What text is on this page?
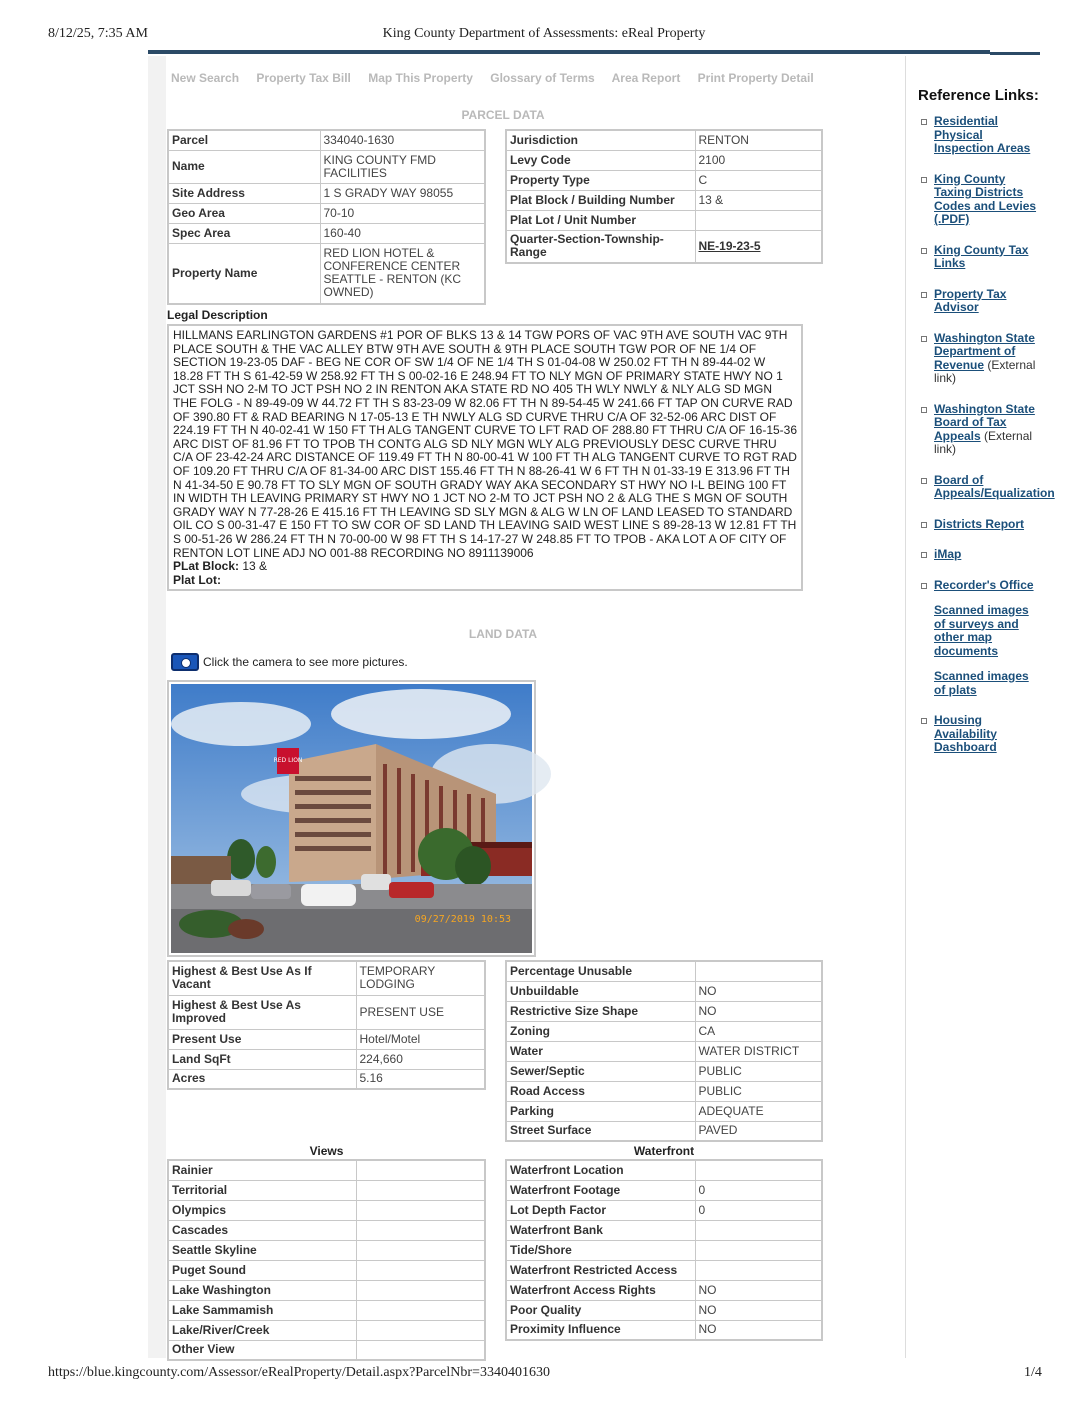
8/12/25, 7:35 AM	King County Department of Assessments: eReal Property
New Search Property Tax Bill Map This Property Glossary of Terms Area Report Print Property Detail
PARCEL DATA
Parcel	334040-1630
Name	KING COUNTY FMD FACILITIES
Site Address	1 S GRADY WAY 98055
Geo Area	70-10
Spec Area	160-40
Property Name	RED LION HOTEL & CONFERENCE CENTER SEATTLE - RENTON (KC OWNED)
Jurisdiction	RENTON
Levy Code	2100
Property Type	C
Plat Block / Building Number	13 &
Plat Lot / Unit Number	
Quarter-Section-Township-Range	NE-19-23-5
Legal Description
HILLMANS EARLINGTON GARDENS #1 POR OF BLKS 13 & 14 TGW PORS OF VAC 9TH AVE SOUTH VAC 9TH PLACE SOUTH & THE VAC ALLEY BTW 9TH AVE SOUTH & 9TH PLACE SOUTH TGW POR OF NE 1/4 OF SECTION 19-23-05 DAF - BEG NE COR OF SW 1/4 OF NE 1/4 TH S 01-04-08 W 250.02 FT TH N 89-44-02 W 18.28 FT TH S 61-42-59 W 258.92 FT TH S 00-02-16 E 248.94 FT TO NLY MGN OF PRIMARY STATE HWY NO 1 JCT SSH NO 2-M TO JCT PSH NO 2 IN RENTON AKA STATE RD NO 405 TH WLY NWLY & NLY ALG SD MGN THE FOLG - N 89-49-09 W 44.72 FT TH S 83-23-09 W 82.06 FT TH N 89-54-45 W 241.66 FT TAP ON CURVE RAD OF 390.80 FT & RAD BEARING N 17-05-13 E TH NWLY ALG SD CURVE THRU C/A OF 32-52-06 ARC DIST OF 224.19 FT TH N 40-02-41 W 150 FT TH ALG TANGENT CURVE TO LFT RAD OF 288.80 FT THRU C/A OF 16-15-36 ARC DIST OF 81.96 FT TO TPOB TH CONTG ALG SD NLY MGN WLY ALG PREVIOUSLY DESC CURVE THRU C/A OF 23-42-24 ARC DISTANCE OF 119.49 FT TH N 80-00-41 W 100 FT TH ALG TANGENT CURVE TO RGT RAD OF 109.20 FT THRU C/A OF 81-34-00 ARC DIST 155.46 FT TH N 88-26-41 W 6 FT TH N 01-33-19 E 313.96 FT TH N 41-34-50 E 90.78 FT TO SLY MGN OF SOUTH GRADY WAY AKA SECONDARY ST HWY NO I-L BEING 100 FT IN WIDTH TH LEAVING PRIMARY ST HWY NO 1 JCT NO 2-M TO JCT PSH NO 2 & ALG THE S MGN OF SOUTH GRADY WAY N 77-28-26 E 415.16 FT TH LEAVING SD SLY MGN & ALG W LN OF LAND LEASED TO STANDARD OIL CO S 00-31-47 E 150 FT TO SW COR OF SD LAND TH LEAVING SAID WEST LINE S 89-28-13 W 12.81 FT TH S 00-51-26 W 286.24 FT TH N 70-00-00 W 98 FT TH S 14-17-27 W 248.85 FT TO TPOB - AKA LOT A OF CITY OF RENTON LOT LINE ADJ NO 001-88 RECORDING NO 8911139006
PLat Block: 13 &
Plat Lot:
LAND DATA
Click the camera to see more pictures.
RED LION
09/27/2019 10:53
Highest & Best Use As If Vacant	TEMPORARY LODGING
Highest & Best Use As Improved	PRESENT USE
Present Use	Hotel/Motel
Land SqFt	224,660
Acres	5.16
Percentage Unusable	
Unbuildable	NO
Restrictive Size Shape	NO
Zoning	CA
Water	WATER DISTRICT
Sewer/Septic	PUBLIC
Road Access	PUBLIC
Parking	ADEQUATE
Street Surface	PAVED
Views
Rainier	
Territorial	
Olympics	
Cascades	
Seattle Skyline	
Puget Sound	
Lake Washington	
Lake Sammamish	
Lake/River/Creek	
Other View	
Waterfront
Waterfront Location	
Waterfront Footage	0
Lot Depth Factor	0
Waterfront Bank	
Tide/Shore	
Waterfront Restricted Access	
Waterfront Access Rights	NO
Poor Quality	NO
Proximity Influence	NO
Reference Links:
Residential Physical Inspection Areas
King County Taxing Districts Codes and Levies (.PDF)
King County Tax Links
Property Tax Advisor
Washington State Department of Revenue (External link)
Washington State Board of Tax Appeals (External link)
Board of Appeals/Equalization
Districts Report
iMap
Recorder's Office
Scanned images of surveys and other map documents
Scanned images of plats
Housing Availability Dashboard
https://blue.kingcounty.com/Assessor/eRealProperty/Detail.aspx?ParcelNbr=3340401630	1/4
